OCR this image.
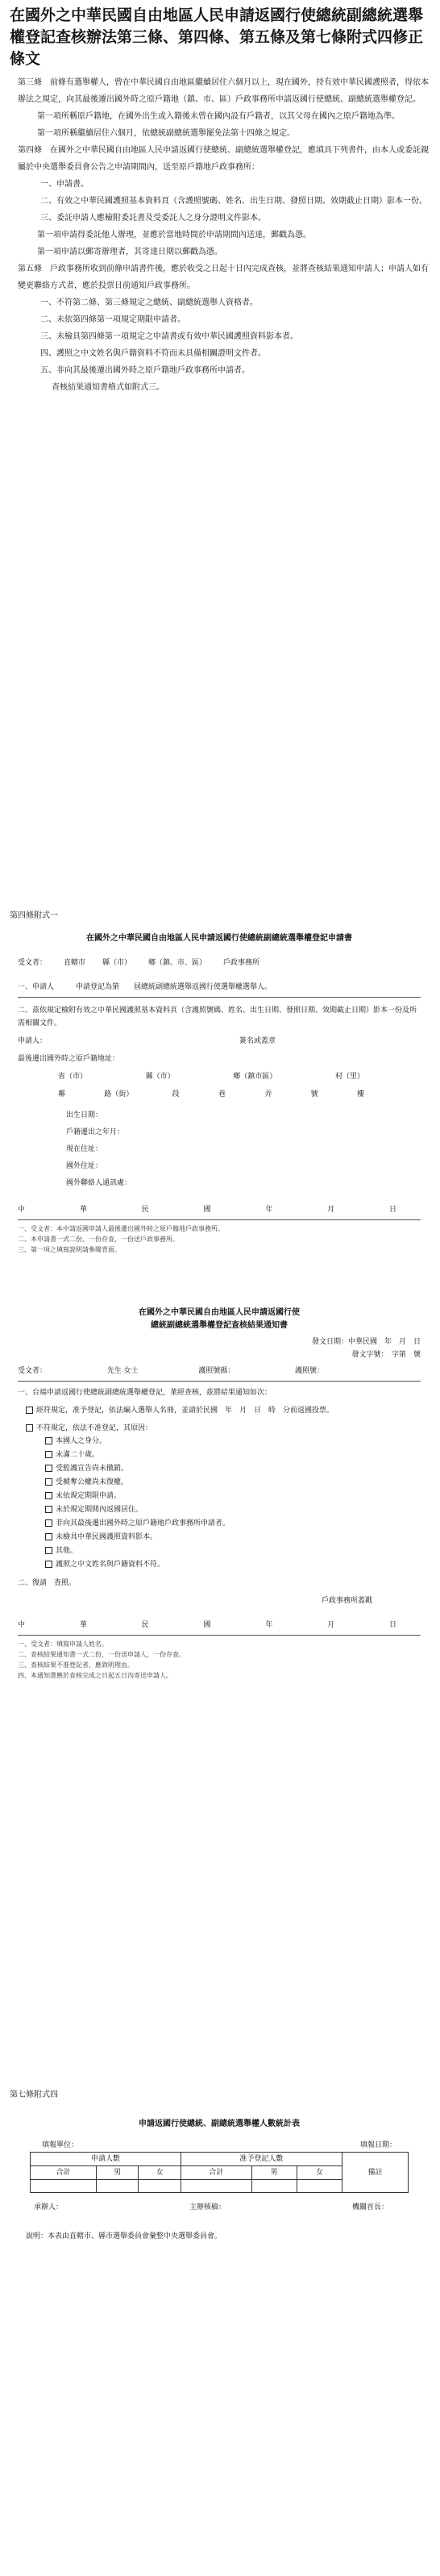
在國外之中華民國自由地區人民申請返國行使總統副總統選舉權登記查核辦法第三條、第四條、第五條及第七條附式四修正條文

第三條　 前條有選舉權人，曾在中華民國自由地區繼續居住六個月以上，現在國外，持有效中華民國護照者，得依本辦法之規定，向其最後遷出國外時之原戶籍地（鎮、市、區）戶政事務所申請返國行使總統、副總統選舉權登記。

第一項所稱原戶籍地，在國外出生或入籍後未曾在國內設有戶籍者，以其父母在國內之原戶籍地為準。

第一項所稱繼續居住六個月，依總統副總統選舉罷免法第十四條之規定。

第四條　 在國外之中華民國自由地區人民申請返國行使總統、副總統選舉權登記，應填具下列書件，由本人或委託親屬於中央選舉委員會公告之申請期間內，送至原戶籍地戶政事務所：

一、申請書。

二、有效之中華民國護照基本資料頁（含護照號碼、姓名、出生日期、發照日期、效期截止日期）影本一份。

三、委託申請人應檢附委託書及受委託人之身分證明文件影本。

第一項申請得委託他人辦理，並應於當地時間於申請期間內送達，郵戳為憑。

第一項申請以郵寄辦理者，其寄達日期以郵戳為憑。

第五條　 戶政事務所收到前條申請書件後，應於收受之日起十日內完成查核，並將查核結果通知申請人；申請人如有變更聯絡方式者，應於投票日前通知戶政事務所。

一、不符第二條、第三條規定之總統、副總統選舉人資格者。

二、未依第四條第一項規定期限申請者。

三、未檢具第四條第一項規定之申請書或有效中華民國護照資料影本者。

四、護照之中文姓名與戶籍資料不符而未具備相關證明文件者。

五、非向其最後遷出國外時之原戶籍地戶政事務所申請者。

查核結果通知書格式如附式三。

第四條附式一
在國外之中華民國自由地區人民申請返國行使總統副總統選舉權登記申請書
受文者： 直轄市 縣（市） 鄉（鎮、市、區） 戶政事務所
一、申請人　　　申請登記為第　　屆總統副總統選舉返國行使選舉權選舉人。
二、茲依規定檢附有效之中華民國護照基本資料頁（含護照號碼、姓名、出生日期、發照日期、效期截止日期）影本一份及所需相關文件。
申請人：	簽名或蓋章
最後遷出國外時之原戶籍地址：
省（市）	縣（市）	鄉（鎮市區）	村（里）
鄰	路（街）	段	巷	弄	號	樓
出生日期：
戶籍遷出之年月：
現在住址：
國外住址：
國外聯絡人通訊處：
中	華	民	國	年	月	日
一、受文者：本中請返國申請人最後遷出國外時之原戶籍地戶政事務所。
二、本申請書一式二份，一份存查，一份送戶政事務所。
三、第一項之填寫說明請參閱背面。
在國外之中華民國自由地區人民申請返國行使
總統副總統選舉權登記查核結果通知書
發文日期：中華民國　年　月　日
發文字號：　字第　號
受文者：	先生 女士	護照號碼：	護照號：
一、台端申請返國行使總統副總統選舉權登記，業經查核，茲將結果通知如次：
經符規定，准予登記，依法編入選舉人名冊，並請於民國　年　月　日　時　分前返國投票。
不符規定，依法不准登記，其原因：
本國人之身分。
未滿二十歲。
受監護宣告尚未撤銷。
受褫奪公權尚未復權。
未依規定期限申請。
未於規定期間內返國居住。
非向其最後遷出國外時之原戶籍地戶政事務所申請者。
未檢具中華民國護照資料影本。
其他。
護照之中文姓名與戶籍資料不符。
二、復請　查照。
戶政事務所蓋戳
中	華	民	國	年	月	日
一、受文者：填寫申請人姓名。
二、查核結果通知書一式二份，一份送申請人，一份存查。
三、查核結果不准登記者，應敘明理由。
四、本通知書應於查核完成之日起五日內寄送申請人。
第七條附式四
申請返國行使總統、副總統選舉權人數統計表
填報單位：	填報日期：
申請人數			准予登記人數			備註
合計	男	女	合計	男	女	

承辦人：	主辦核稿：	機關首長：
說明：本表由直轄市、縣市選舉委員會彙整中央選舉委員會。
